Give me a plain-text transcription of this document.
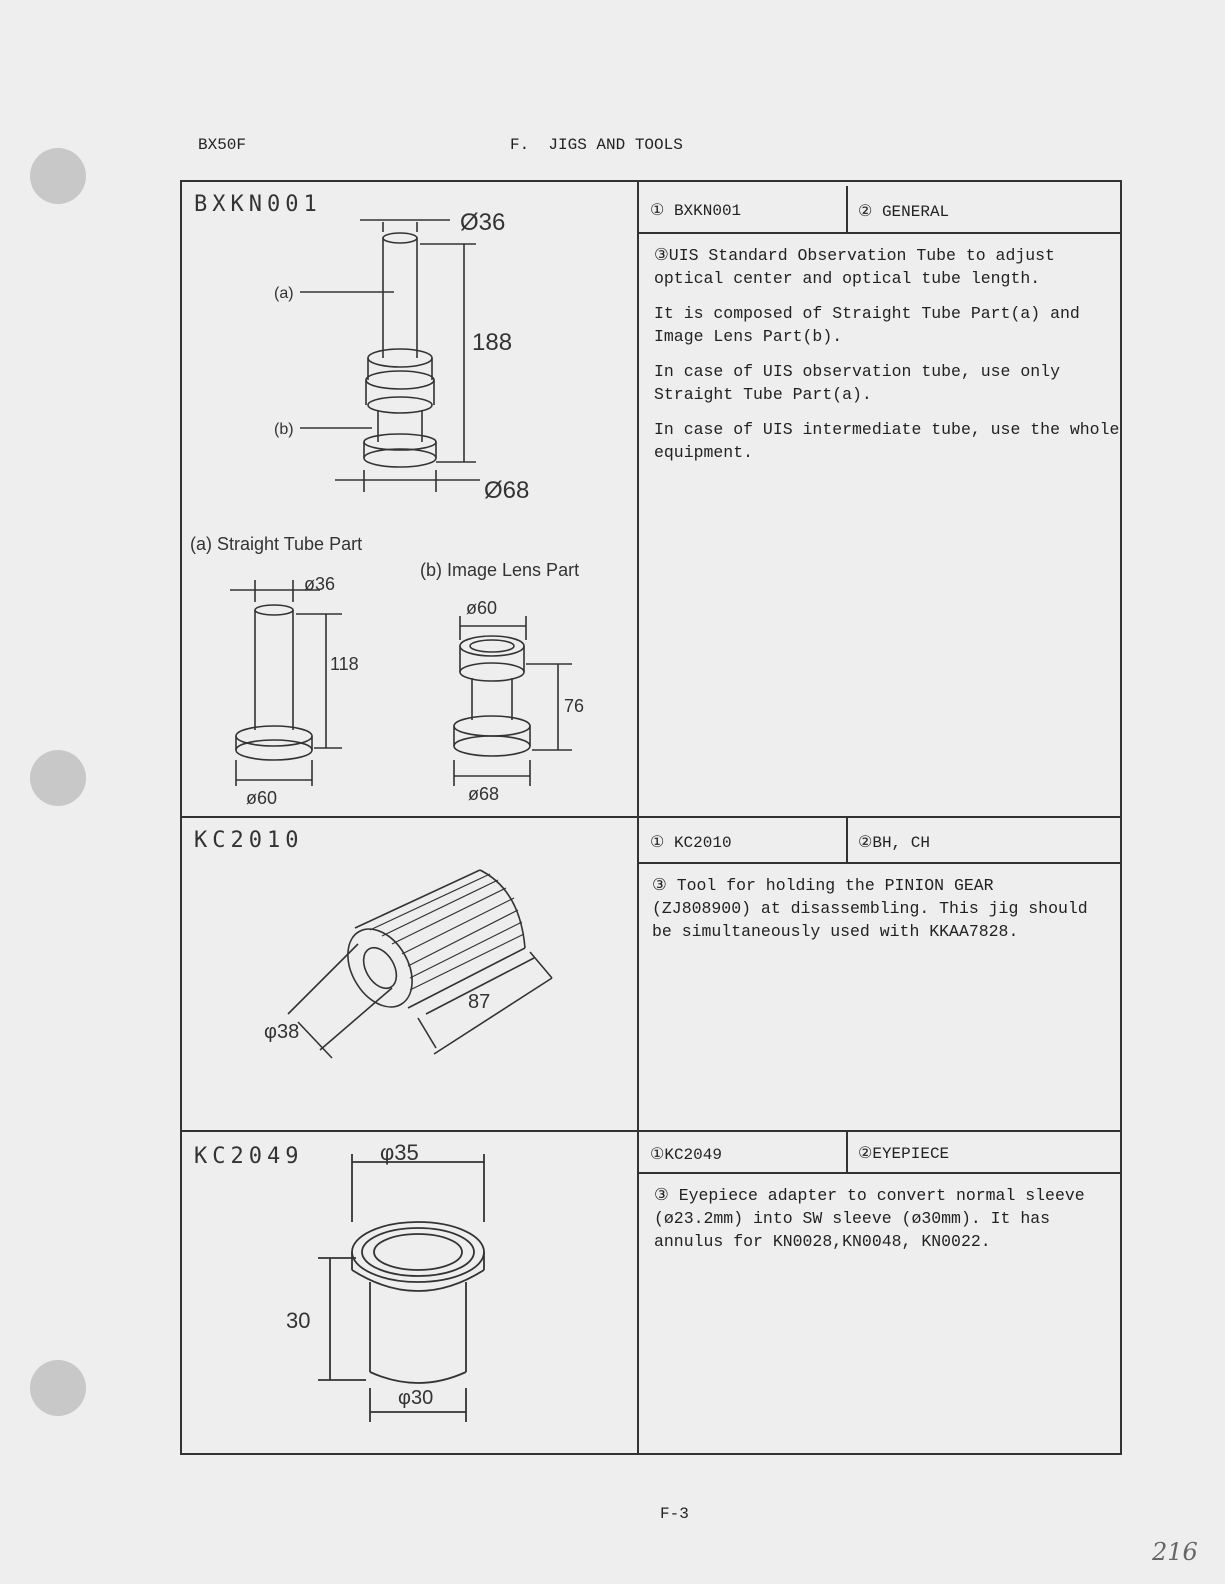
BX50F	F.  JIGS AND TOOLS
BXKN001	① BXKN001	② GENERAL

③UIS Standard Observation Tube to adjust optical center and optical tube length.

It is composed of Straight Tube Part(a) and Image Lens Part(b).

In case of UIS observation tube, use only Straight Tube Part(a).

In case of UIS intermediate tube, use the whole equipment.

Ø36
188
Ø68
(a)
(b)
(a) Straight Tube Part
ø36
118
ø60
(b) Image Lens Part
ø60
76
ø68
KC2010	① KC2010	②BH, CH

③ Tool for holding the PINION GEAR (ZJ808900) at disassembling. This jig should be simultaneously used with KKAA7828.

φ38
87
KC2049	①KC2049	②EYEPIECE

③ Eyepiece adapter to convert normal sleeve (ø23.2mm) into SW sleeve (ø30mm). It has annulus for KN0028,KN0048, KN0022.

φ35
30
φ30
F-3
216
